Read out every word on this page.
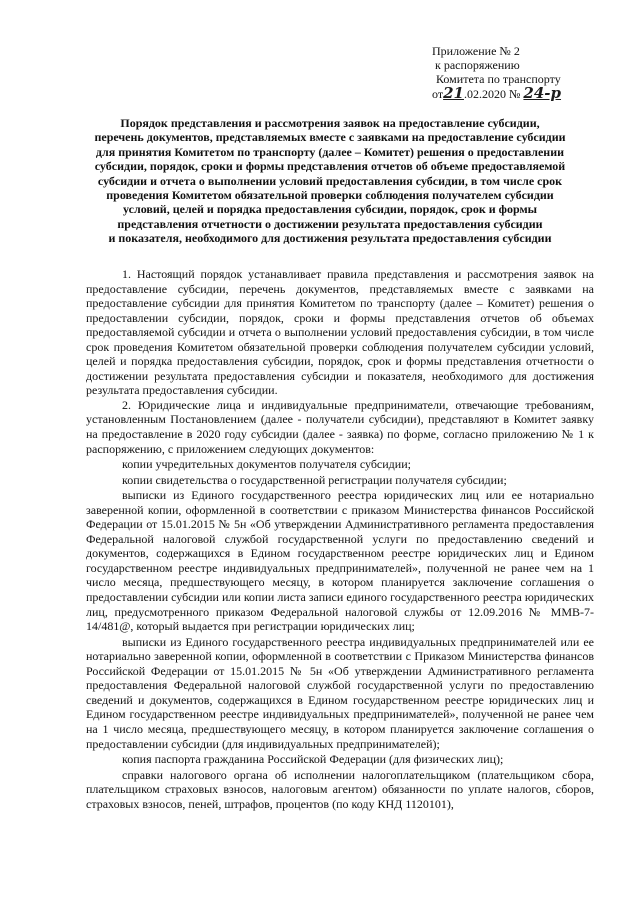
Приложение № 2
к распоряжению
Комитета по транспорту
от21.02.2020 № 24-р
Порядок представления и рассмотрения заявок на предоставление субсидии,
перечень документов, представляемых вместе с заявками на предоставление субсидии
для принятия Комитетом по транспорту (далее – Комитет) решения о предоставлении
субсидии, порядок, сроки и формы представления отчетов об объеме предоставляемой
субсидии и отчета о выполнении условий предоставления субсидии, в том числе срок
проведения Комитетом обязательной проверки соблюдения получателем субсидии
условий, целей и порядка предоставления субсидии, порядок, срок и формы
представления отчетности о достижении результата предоставления субсидии
и показателя, необходимого для достижения результата предоставления субсидии

1. Настоящий порядок устанавливает правила представления и рассмотрения заявок на предоставление субсидии, перечень документов, представляемых вместе с заявками на предоставление субсидии для принятия Комитетом по транспорту (далее – Комитет) решения о предоставлении субсидии, порядок, сроки и формы представления отчетов об объемах предоставляемой субсидии и отчета о выполнении условий предоставления субсидии, в том числе срок проведения Комитетом обязательной проверки соблюдения получателем субсидии условий, целей и порядка предоставления субсидии, порядок, срок и формы представления отчетности о достижении результата предоставления субсидии и показателя, необходимого для достижения результата предоставления субсидии.

2. Юридические лица и индивидуальные предприниматели, отвечающие требованиям, установленным Постановлением (далее - получатели субсидии), представляют в Комитет заявку на предоставление в 2020 году субсидии (далее - заявка) по форме, согласно приложению № 1 к распоряжению, с приложением следующих документов:

копии учредительных документов получателя субсидии;

копии свидетельства о государственной регистрации получателя субсидии;

выписки из Единого государственного реестра юридических лиц или ее нотариально заверенной копии, оформленной в соответствии с приказом Министерства финансов Российской Федерации от 15.01.2015 № 5н «Об утверждении Административного регламента предоставления Федеральной налоговой службой государственной услуги по предоставлению сведений и документов, содержащихся в Едином государственном реестре юридических лиц и Едином государственном реестре индивидуальных предпринимателей», полученной не ранее чем на 1 число месяца, предшествующего месяцу, в котором планируется заключение соглашения о предоставлении субсидии или копии листа записи единого государственного реестра юридических лиц, предусмотренного приказом Федеральной налоговой службы от 12.09.2016 № ММВ-7-14/481@, который выдается при регистрации юридических лиц;

выписки из Единого государственного реестра индивидуальных предпринимателей или ее нотариально заверенной копии, оформленной в соответствии с Приказом Министерства финансов Российской Федерации от 15.01.2015 № 5н «Об утверждении Административного регламента предоставления Федеральной налоговой службой государственной услуги по предоставлению сведений и документов, содержащихся в Едином государственном реестре юридических лиц и Едином государственном реестре индивидуальных предпринимателей», полученной не ранее чем на 1 число месяца, предшествующего месяцу, в котором планируется заключение соглашения о предоставлении субсидии (для индивидуальных предпринимателей);

копия паспорта гражданина Российской Федерации (для физических лиц);

справки налогового органа об исполнении налогоплательщиком (плательщиком сбора, плательщиком страховых взносов, налоговым агентом) обязанности по уплате налогов, сборов, страховых взносов, пеней, штрафов, процентов (по коду КНД 1120101),
